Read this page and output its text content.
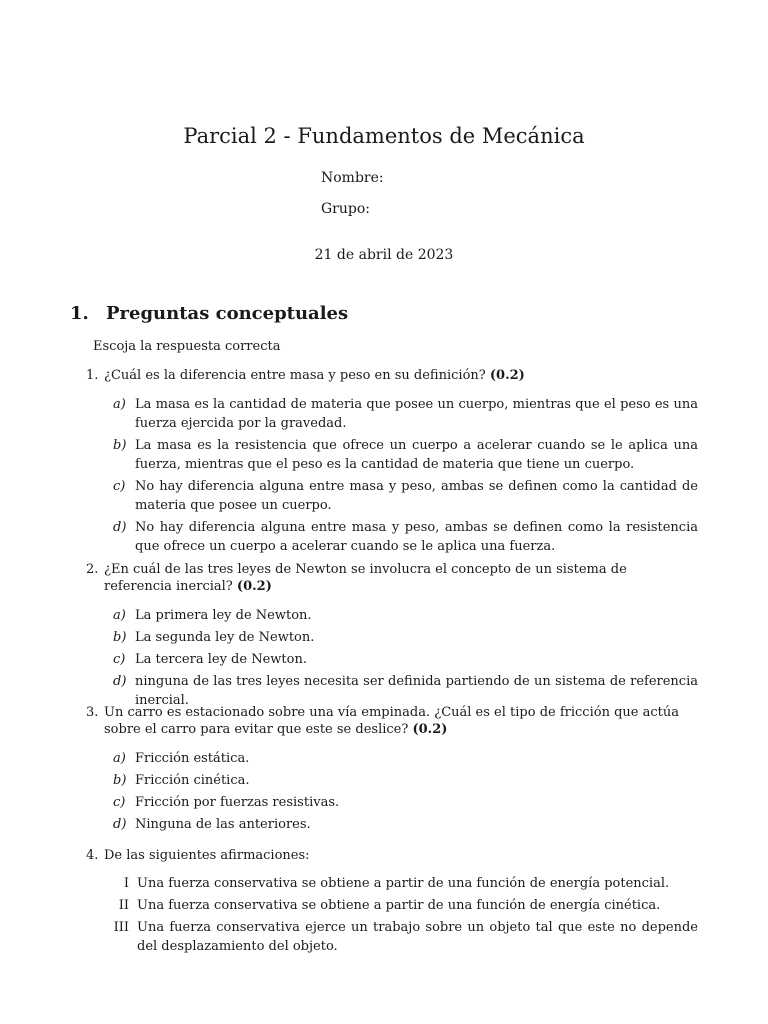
Parcial 2 - Fundamentos de Mecánica
Nombre:
Grupo:
21 de abril de 2023
1. Preguntas conceptuales
Escoja la respuesta correcta
1. ¿Cuál es la diferencia entre masa y peso en su definición? (0.2)
a) La masa es la cantidad de materia que posee un cuerpo, mientras que el peso es una fuerza ejercida por la gravedad.
b) La masa es la resistencia que ofrece un cuerpo a acelerar cuando se le aplica una fuerza, mientras que el peso es la cantidad de materia que tiene un cuerpo.
c) No hay diferencia alguna entre masa y peso, ambas se definen como la cantidad de materia que posee un cuerpo.
d) No hay diferencia alguna entre masa y peso, ambas se definen como la resistencia que ofrece un cuerpo a acelerar cuando se le aplica una fuerza.
2. ¿En cuál de las tres leyes de Newton se involucra el concepto de un sistema de referencia inercial? (0.2)
a) La primera ley de Newton.
b) La segunda ley de Newton.
c) La tercera ley de Newton.
d) ninguna de las tres leyes necesita ser definida partiendo de un sistema de referencia inercial.
3. Un carro es estacionado sobre una vía empinada. ¿Cuál es el tipo de fricción que actúa sobre el carro para evitar que este se deslice? (0.2)
a) Fricción estática.
b) Fricción cinética.
c) Fricción por fuerzas resistivas.
d) Ninguna de las anteriores.
4. De las siguientes afirmaciones:
I Una fuerza conservativa se obtiene a partir de una función de energía potencial.
II Una fuerza conservativa se obtiene a partir de una función de energía cinética.
III Una fuerza conservativa ejerce un trabajo sobre un objeto tal que este no depende del desplazamiento del objeto.
